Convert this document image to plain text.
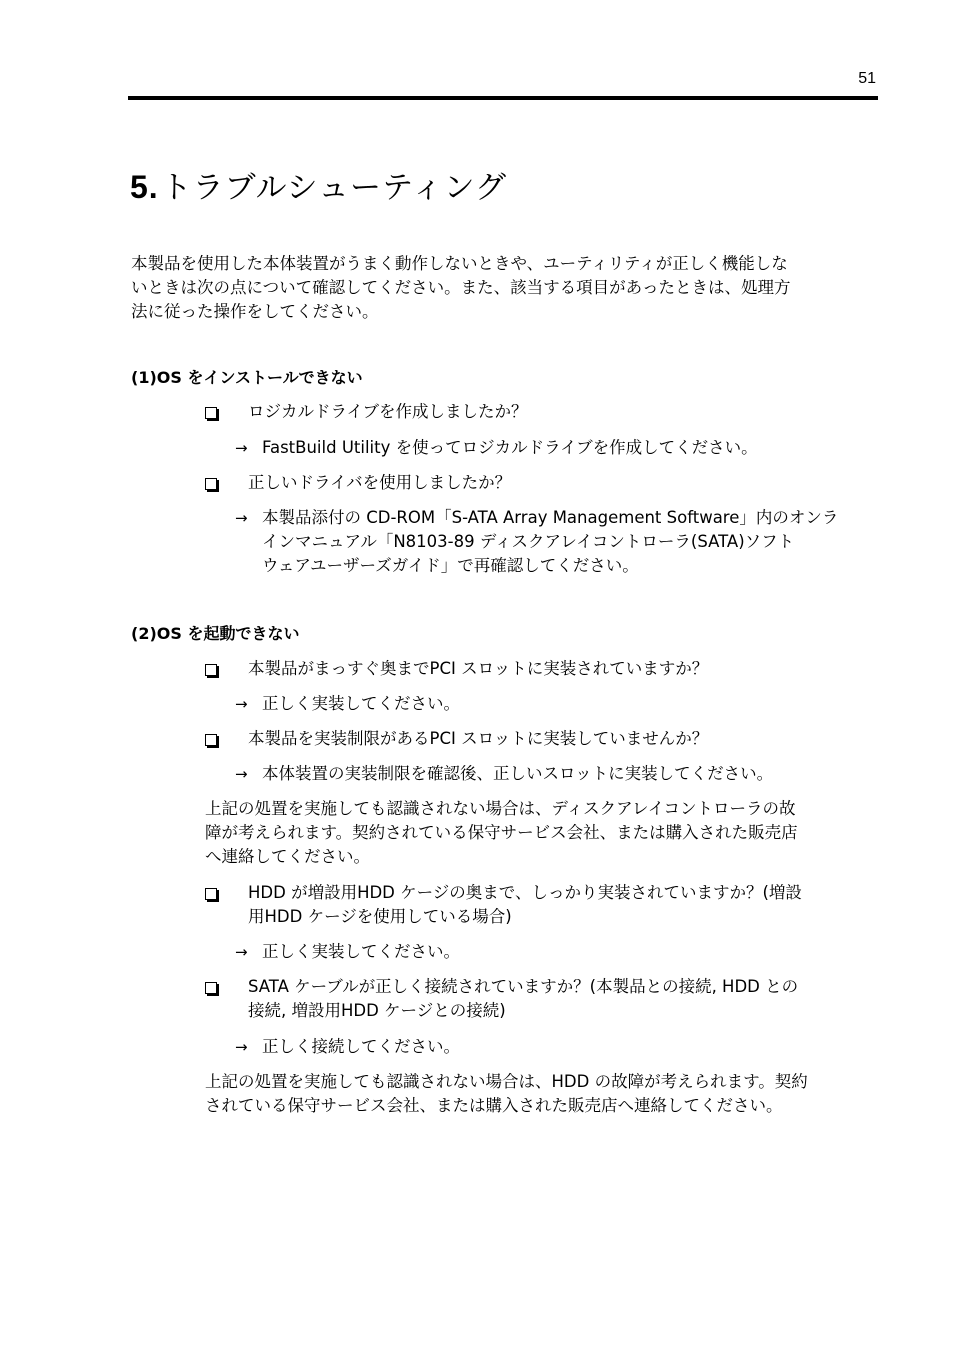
51
5.トラブルシューティング
本製品を使用した本体装置がうまく動作しないときや、ユーティリティが正しく機能しな
いときは次の点について確認してください。また、該当する項目があったときは、処理方
法に従った操作をしてください。
(1)OS をインストールできない
ロジカルドライブを作成しましたか？
→ FastBuild Utility を使ってロジカルドライブを作成してください。
正しいドライバを使用しましたか？
→ 本製品添付の CD-ROM「S-ATA Array Management Software」内のオンラ
インマニュアル「N8103-89 ディスクアレイコントローラ(SATA)ソフト
ウェアユーザーズガイド」で再確認してください。
(2)OS を起動できない
本製品がまっすぐ奥までPCI スロットに実装されていますか？
→ 正しく実装してください。
本製品を実装制限があるPCI スロットに実装していませんか？
→ 本体装置の実装制限を確認後、正しいスロットに実装してください。
上記の処置を実施しても認識されない場合は、ディスクアレイコントローラの故
障が考えられます。契約されている保守サービス会社、または購入された販売店
へ連絡してください。
HDD が増設用HDD ケージの奥まで、しっかり実装されていますか？(増設
用HDD ケージを使用している場合)
→ 正しく実装してください。
SATA ケーブルが正しく接続されていますか？(本製品との接続, HDD との
接続, 増設用HDD ケージとの接続)
→ 正しく接続してください。
上記の処置を実施しても認識されない場合は、HDD の故障が考えられます。契約
されている保守サービス会社、または購入された販売店へ連絡してください。
